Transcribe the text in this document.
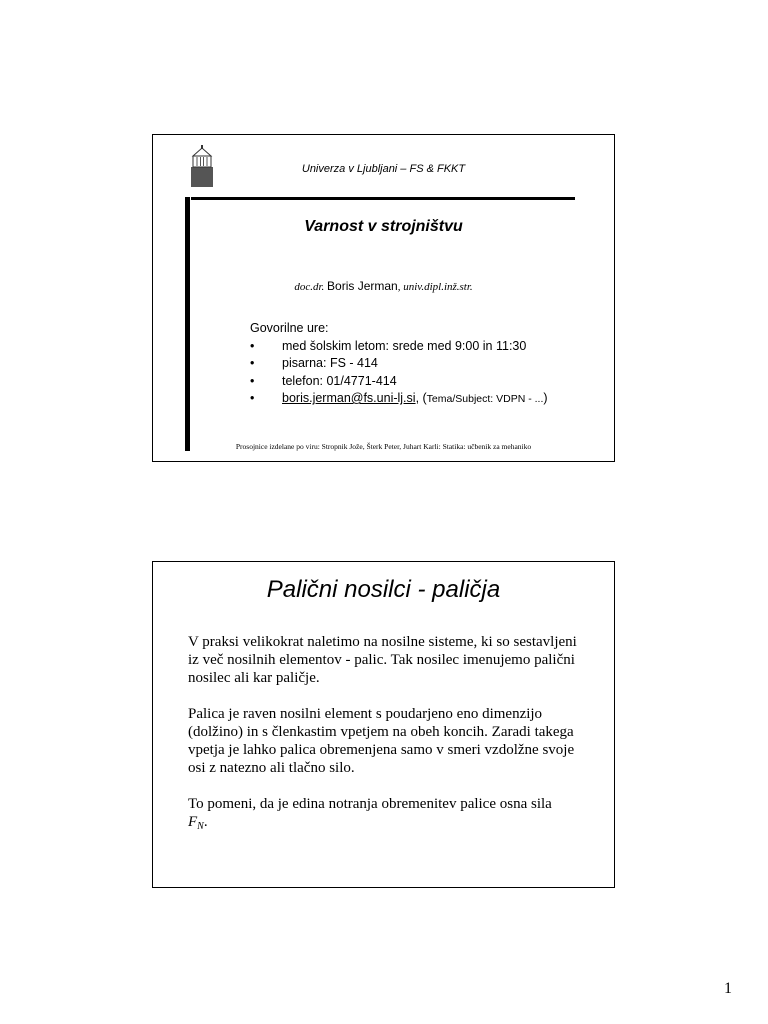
Univerza v Ljubljani – FS & FKKT
Varnost v strojništvu
doc.dr. Boris Jerman, univ.dipl.inž.str.
Govorilne ure:
• med šolskim letom: srede med 9:00 in 11:30
• pisarna: FS - 414
• telefon: 01/4771-414
• boris.jerman@fs.uni-lj.si, (Tema/Subject: VDPN - ...)
Prosojnice izdelane po viru: Stropnik Jože, Šterk Peter, Juhart Karli: Statika: učbenik za mehaniko
Palični nosilci - paličja

V praksi velikokrat naletimo na nosilne sisteme, ki so sestavljeni iz več nosilnih elementov - palic. Tak nosilec imenujemo palični nosilec ali kar paličje.

Palica je raven nosilni element s poudarjeno eno dimenzijo (dolžino) in s členkastim vpetjem na obeh koncih. Zaradi takega vpetja je lahko palica obremenjena samo v smeri vzdolžne svoje osi z natezno ali tlačno silo.

To pomeni, da je edina notranja obremenitev palice osna sila
$F_N$.

1
